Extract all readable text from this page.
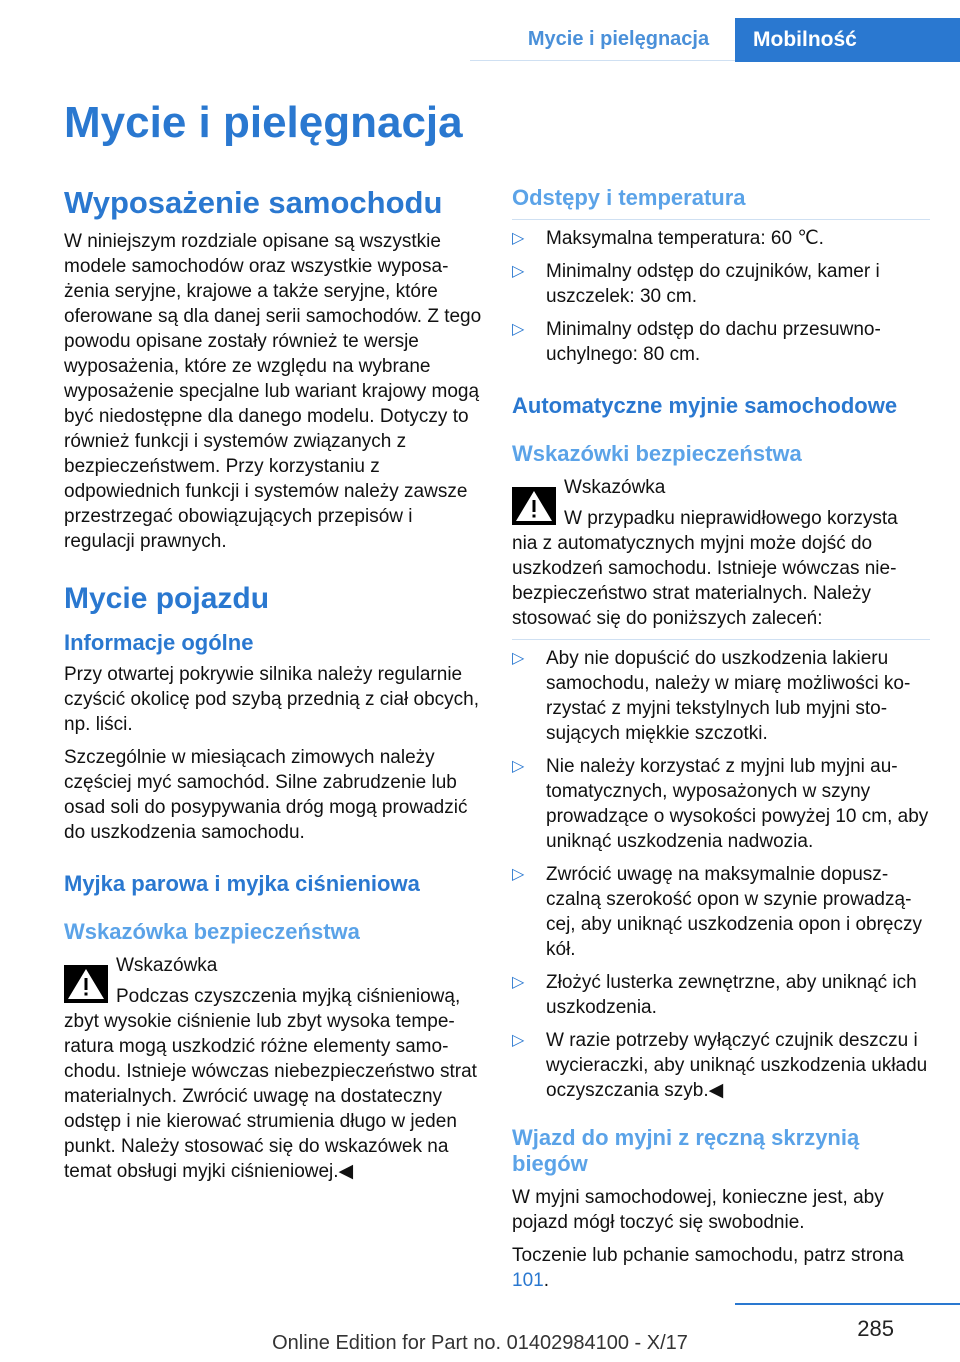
Mycie i pielęgnacja	Mobilność
Mycie i pielęgnacja
Wyposażenie samochodu

W niniejszym rozdziale opisane są wszystkie modele samochodów oraz wszystkie wyposażenia seryjne, krajowe a także seryjne, które oferowane są dla danej serii samochodów. Z tego powodu opisane zostały również te wersje wyposażenia, które ze względu na wybrane wyposażenie specjalne lub wariant krajowy mogą być niedostępne dla danego modelu. Dotyczy to również funkcji i systemów związanych z bezpieczeństwem. Przy korzystaniu z odpowiednich funkcji i systemów należy zawsze przestrzegać obowiązujących przepisów i regulacji prawnych.

Mycie pojazdu
Informacje ogólne

Przy otwartej pokrywie silnika należy regularnie czyścić okolicę pod szybą przednią z ciał obcych, np. liści.

Szczególnie w miesiącach zimowych należy częściej myć samochód. Silne zabrudzenie lub osad soli do posypywania dróg mogą prowadzić do uszkodzenia samochodu.

Myjka parowa i myjka ciśnieniowa
Wskazówka bezpieczeństwa
Wskazówka
Podczas czyszczenia myjką ciśnieniową,

zbyt wysokie ciśnienie lub zbyt wysoka temperatura mogą uszkodzić różne elementy samochodu. Istnieje wówczas niebezpieczeństwo strat materialnych. Zwrócić uwagę na dostateczny odstęp i nie kierować strumienia długo w jeden punkt. Należy stosować się do wskazówek na temat obsługi myjki ciśnieniowej.◀

Odstępy i temperatura
▷ Maksymalna temperatura: 60 ℃.
▷ Minimalny odstęp do czujników, kamer i uszczelek: 30 cm.
▷ Minimalny odstęp do dachu przesuwno-uchylnego: 80 cm.
Automatyczne myjnie samochodowe
Wskazówki bezpieczeństwa
Wskazówka
W przypadku nieprawidłowego korzysta

nia z automatycznych myjni może dojść do uszkodzeń samochodu. Istnieje wówczas niebezpieczeństwo strat materialnych. Należy stosować się do poniższych zaleceń:

▷ Aby nie dopuścić do uszkodzenia lakieru samochodu, należy w miarę możliwości korzystać z myjni tekstylnych lub myjni stosujących miękkie szczotki.
▷ Nie należy korzystać z myjni lub myjni automatycznych, wyposażonych w szyny prowadzące o wysokości powyżej 10 cm, aby uniknąć uszkodzenia nadwozia.
▷ Zwrócić uwagę na maksymalnie dopuszczalną szerokość opon w szynie prowadzącej, aby uniknąć uszkodzenia opon i obręczy kół.
▷ Złożyć lusterka zewnętrzne, aby uniknąć ich uszkodzenia.
▷ W razie potrzeby wyłączyć czujnik deszczu i wycieraczki, aby uniknąć uszkodzenia układu oczyszczania szyb.◀
Wjazd do myjni z ręczną skrzynią biegów

W myjni samochodowej, konieczne jest, aby pojazd mógł toczyć się swobodnie.

Toczenie lub pchanie samochodu, patrz strona 101.

285
Online Edition for Part no. 01402984100 - X/17
